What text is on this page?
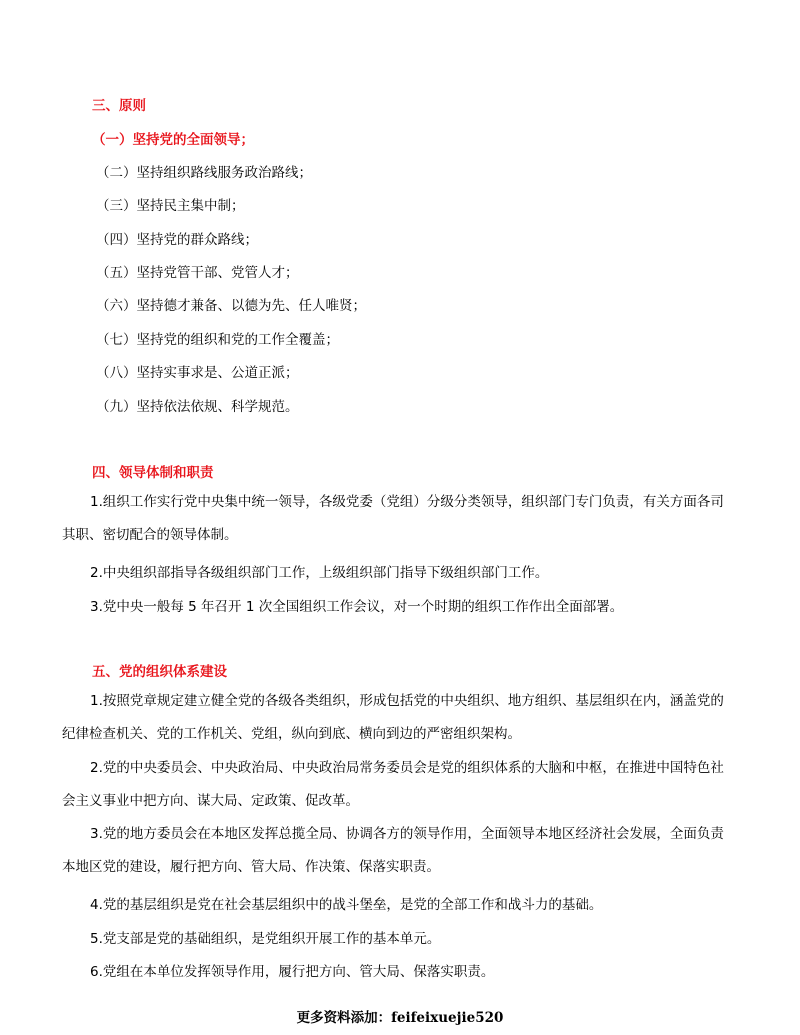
三、原则
（一）坚持党的全面领导；
（二）坚持组织路线服务政治路线；
（三）坚持民主集中制；
（四）坚持党的群众路线；
（五）坚持党管干部、党管人才；
（六）坚持德才兼备、以德为先、任人唯贤；
（七）坚持党的组织和党的工作全覆盖；
（八）坚持实事求是、公道正派；
（九）坚持依法依规、科学规范。
四、领导体制和职责
1.组织工作实行党中央集中统一领导，各级党委（党组）分级分类领导，组织部门专门负责，有关方面各司
其职、密切配合的领导体制。
2.中央组织部指导各级组织部门工作，上级组织部门指导下级组织部门工作。
3.党中央一般每 5 年召开 1 次全国组织工作会议，对一个时期的组织工作作出全面部署。
五、党的组织体系建设
1.按照党章规定建立健全党的各级各类组织，形成包括党的中央组织、地方组织、基层组织在内，涵盖党的
纪律检查机关、党的工作机关、党组，纵向到底、横向到边的严密组织架构。
2.党的中央委员会、中央政治局、中央政治局常务委员会是党的组织体系的大脑和中枢，在推进中国特色社
会主义事业中把方向、谋大局、定政策、促改革。
3.党的地方委员会在本地区发挥总揽全局、协调各方的领导作用，全面领导本地区经济社会发展，全面负责
本地区党的建设，履行把方向、管大局、作决策、保落实职责。
4.党的基层组织是党在社会基层组织中的战斗堡垒，是党的全部工作和战斗力的基础。
5.党支部是党的基础组织，是党组织开展工作的基本单元。
6.党组在本单位发挥领导作用，履行把方向、管大局、保落实职责。
更多资料添加：feifeixuejie520
